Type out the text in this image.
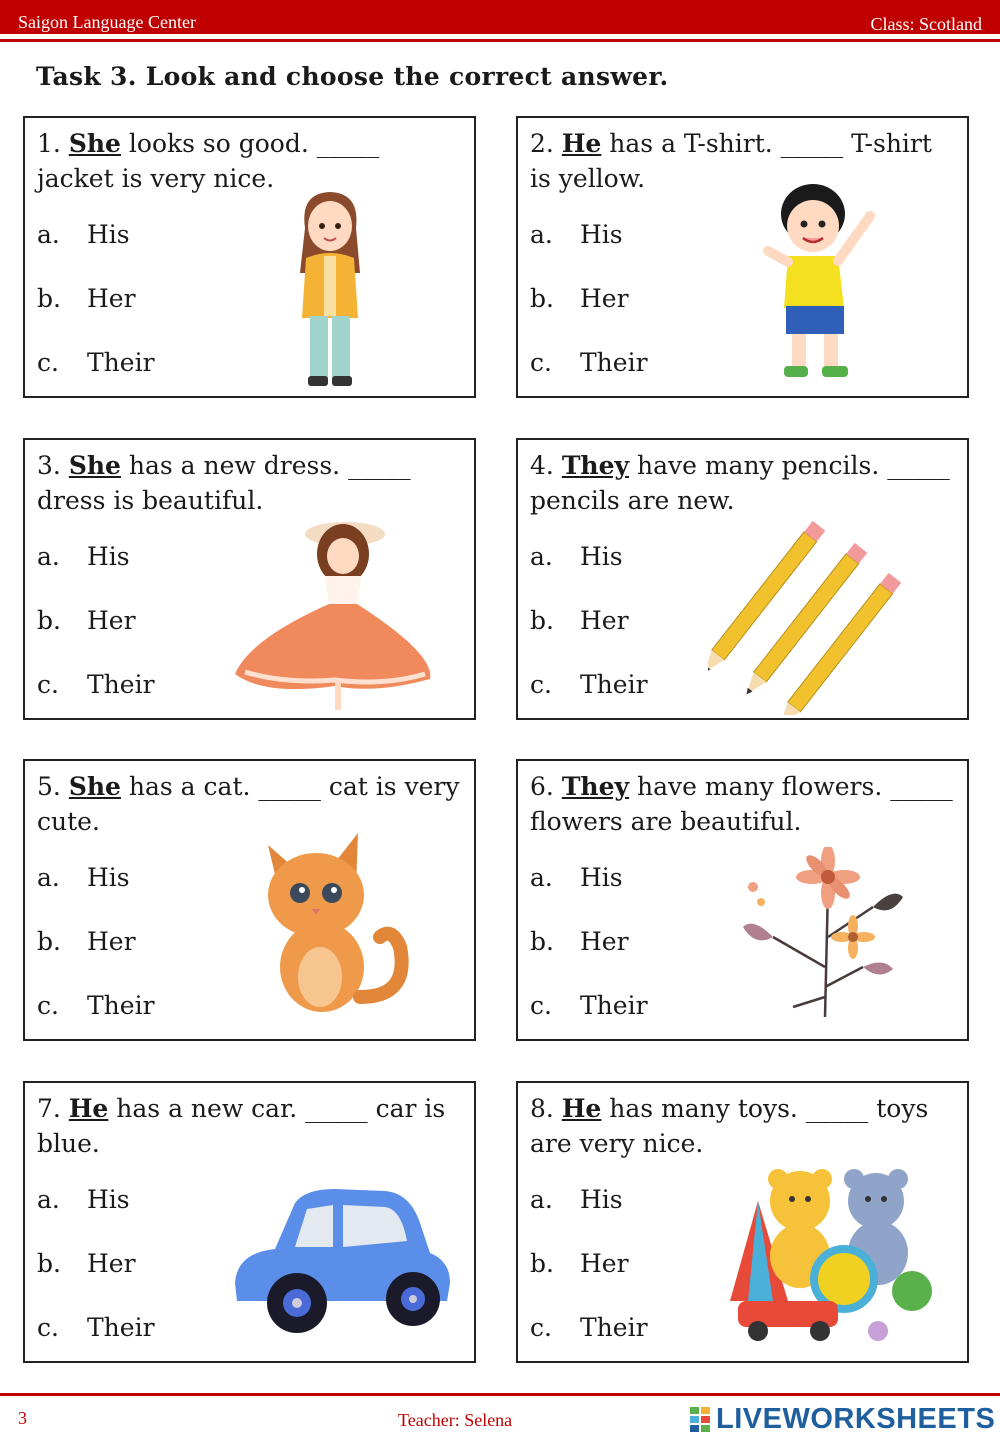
Saigon Language Center	Class: Scotland
Task 3. Look and choose the correct answer.
1. She looks so good. _____ jacket is very nice.
a. His
b. Her
c. Their
2. He has a T-shirt. _____ T-shirt is yellow.
a. His
b. Her
c. Their
3. She has a new dress. _____ dress is beautiful.
a. His
b. Her
c. Their
4. They have many pencils. _____ pencils are new.
a. His
b. Her
c. Their
5. She has a cat. _____ cat is very cute.
a. His
b. Her
c. Their
6. They have many flowers. _____ flowers are beautiful.
a. His
b. Her
c. Their
7. He has a new car. _____ car is blue.
a. His
b. Her
c. Their
8. He has many toys. _____ toys are very nice.
a. His
b. Her
c. Their
3	Teacher: Selena	LIVEWORKSHEETS
